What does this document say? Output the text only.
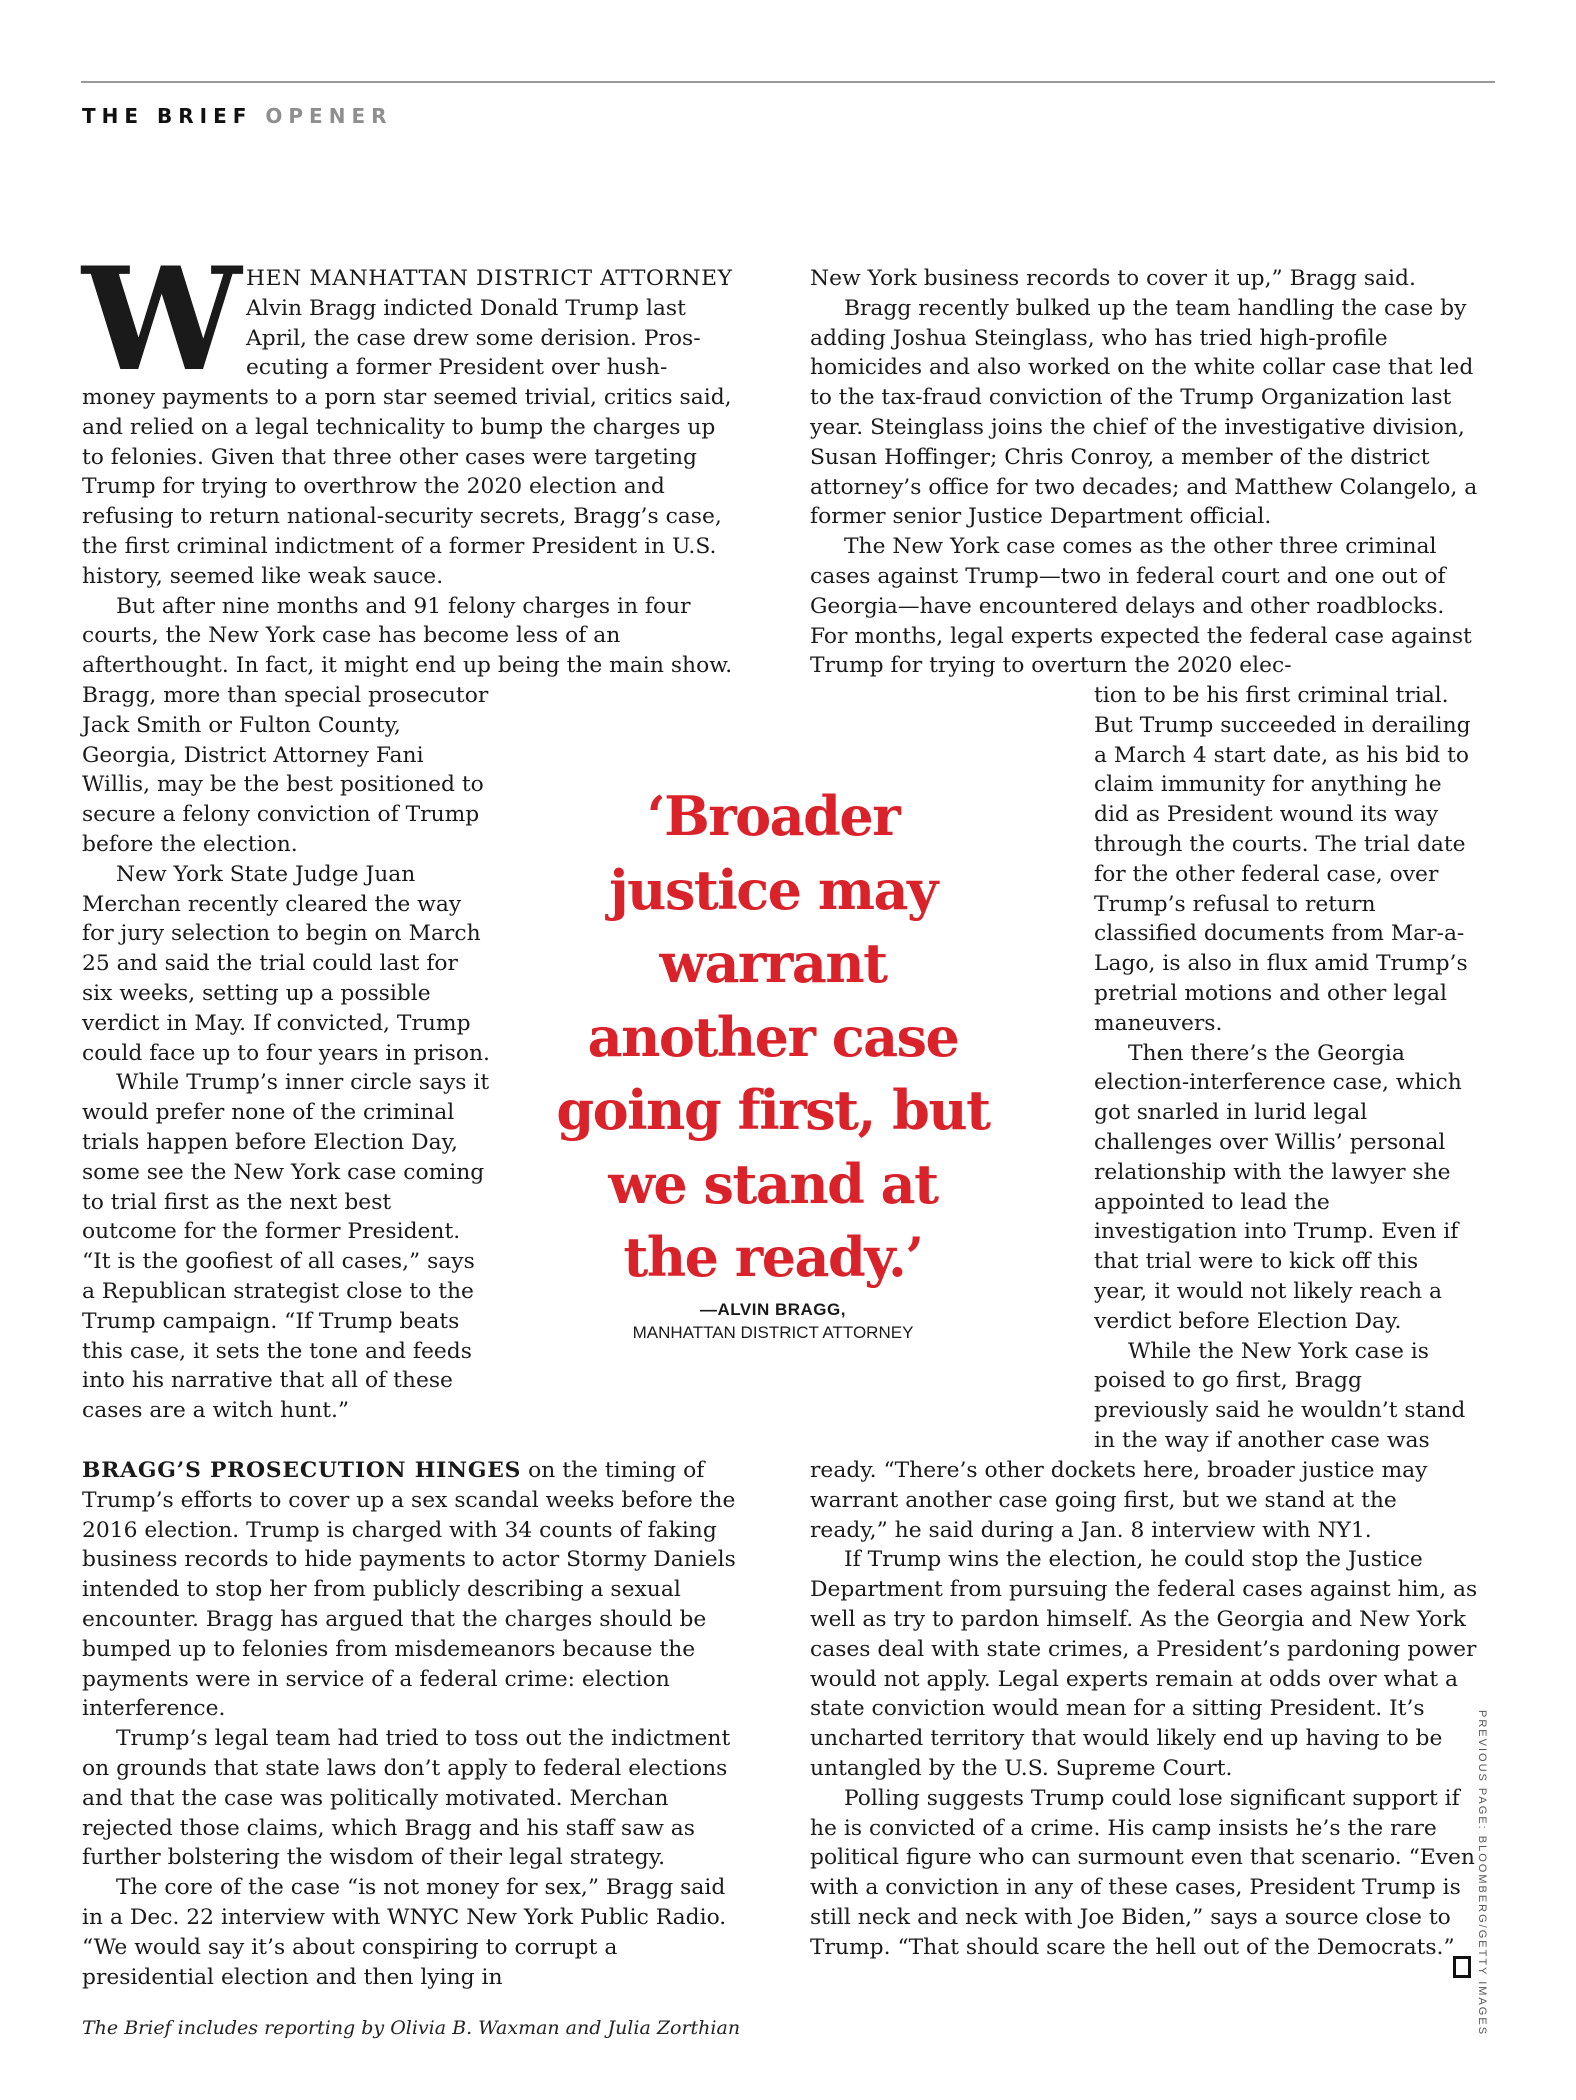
THE BRIEF OPENER
W HEN MANHATTAN DISTRICT ATTORNEY
Alvin Bragg indicted Donald Trump last
April, the case drew some derision. Pros-
ecuting a former President over hush-

money payments to a porn star seemed trivial, critics said, and relied on a legal technicality to bump the charges up to felonies. Given that three other cases were targeting Trump for trying to overthrow the 2020 election and refusing to return national-security secrets, Bragg’s case, the first criminal indictment of a former President in U.S. history, seemed like weak sauce.

But after nine months and 91 felony charges in four courts, the New York case has become less of an afterthought. In fact, it might end up being the main show.

Bragg, more than special prosecutor Jack Smith or Fulton County, Georgia, District Attorney Fani Willis, may be the best positioned to secure a felony conviction of Trump before the election.

New York State Judge Juan Merchan recently cleared the way for jury selection to begin on March 25 and said the trial could last for six weeks, setting up a possible verdict in May. If convicted, Trump could face up to four years in prison.

While Trump’s inner circle says it would prefer none of the criminal trials happen before Election Day, some see the New York case coming to trial first as the next best outcome for the former President. “It is the goofiest of all cases,” says a Republican strategist close to the Trump campaign. “If Trump beats this case, it sets the tone and feeds into his narrative that all of these cases are a witch hunt.”

BRAGG’S PROSECUTION HINGES on the timing of Trump’s efforts to cover up a sex scandal weeks before the 2016 election. Trump is charged with 34 counts of faking business records to hide payments to actor Stormy Daniels intended to stop her from publicly describing a sexual encounter. Bragg has argued that the charges should be bumped up to felonies from misdemeanors because the payments were in service of a federal crime: election interference.

Trump’s legal team had tried to toss out the indictment on grounds that state laws don’t apply to federal elections and that the case was politically motivated. Merchan rejected those claims, which Bragg and his staff saw as further bolstering the wisdom of their legal strategy.

The core of the case “is not money for sex,” Bragg said in a Dec. 22 interview with WNYC New York Public Radio. “We would say it’s about conspiring to corrupt a presidential election and then lying in

New York business records to cover it up,” Bragg said.

Bragg recently bulked up the team handling the case by adding Joshua Steinglass, who has tried high-profile homicides and also worked on the white collar case that led to the tax-fraud conviction of the Trump Organization last year. Steinglass joins the chief of the investigative division, Susan Hoffinger; Chris Conroy, a member of the district attorney’s office for two decades; and Matthew Colangelo, a former senior Justice Department official.

The New York case comes as the other three criminal cases against Trump—two in federal court and one out of Georgia—have encountered delays and other roadblocks. For months, legal experts expected the federal case against Trump for trying to overturn the 2020 elec-

tion to be his first criminal trial. But Trump succeeded in derailing a March 4 start date, as his bid to claim immunity for anything he did as President wound its way through the courts. The trial date for the other federal case, over Trump’s refusal to return classified documents from Mar-a-Lago, is also in flux amid Trump’s pretrial motions and other legal maneuvers.

Then there’s the Georgia election-interference case, which got snarled in lurid legal challenges over Willis’ personal relationship with the lawyer she appointed to lead the investigation into Trump. Even if that trial were to kick off this year, it would not likely reach a verdict before Election Day.

While the New York case is poised to go first, Bragg previously said he wouldn’t stand in the way if another case was

ready. “There’s other dockets here, broader justice may warrant another case going first, but we stand at the ready,” he said during a Jan. 8 interview with NY1.

If Trump wins the election, he could stop the Justice Department from pursuing the federal cases against him, as well as try to pardon himself. As the Georgia and New York cases deal with state crimes, a President’s pardoning power would not apply. Legal experts remain at odds over what a state conviction would mean for a sitting President. It’s uncharted territory that would likely end up having to be untangled by the U.S. Supreme Court.

Polling suggests Trump could lose significant support if he is convicted of a crime. His camp insists he’s the rare political figure who can surmount even that scenario. “Even with a conviction in any of these cases, President Trump is still neck and neck with Joe Biden,” says a source close to Trump. “That should scare the hell out of the Democrats.”

‘Broader justice may warrant another case going first, but we stand at the ready.’
—ALVIN BRAGG,
MANHATTAN DISTRICT ATTORNEY
PREVIOUS PAGE: BLOOMBERG/GETTY IMAGES
The Brief includes reporting by Olivia B. Waxman and Julia Zorthian
